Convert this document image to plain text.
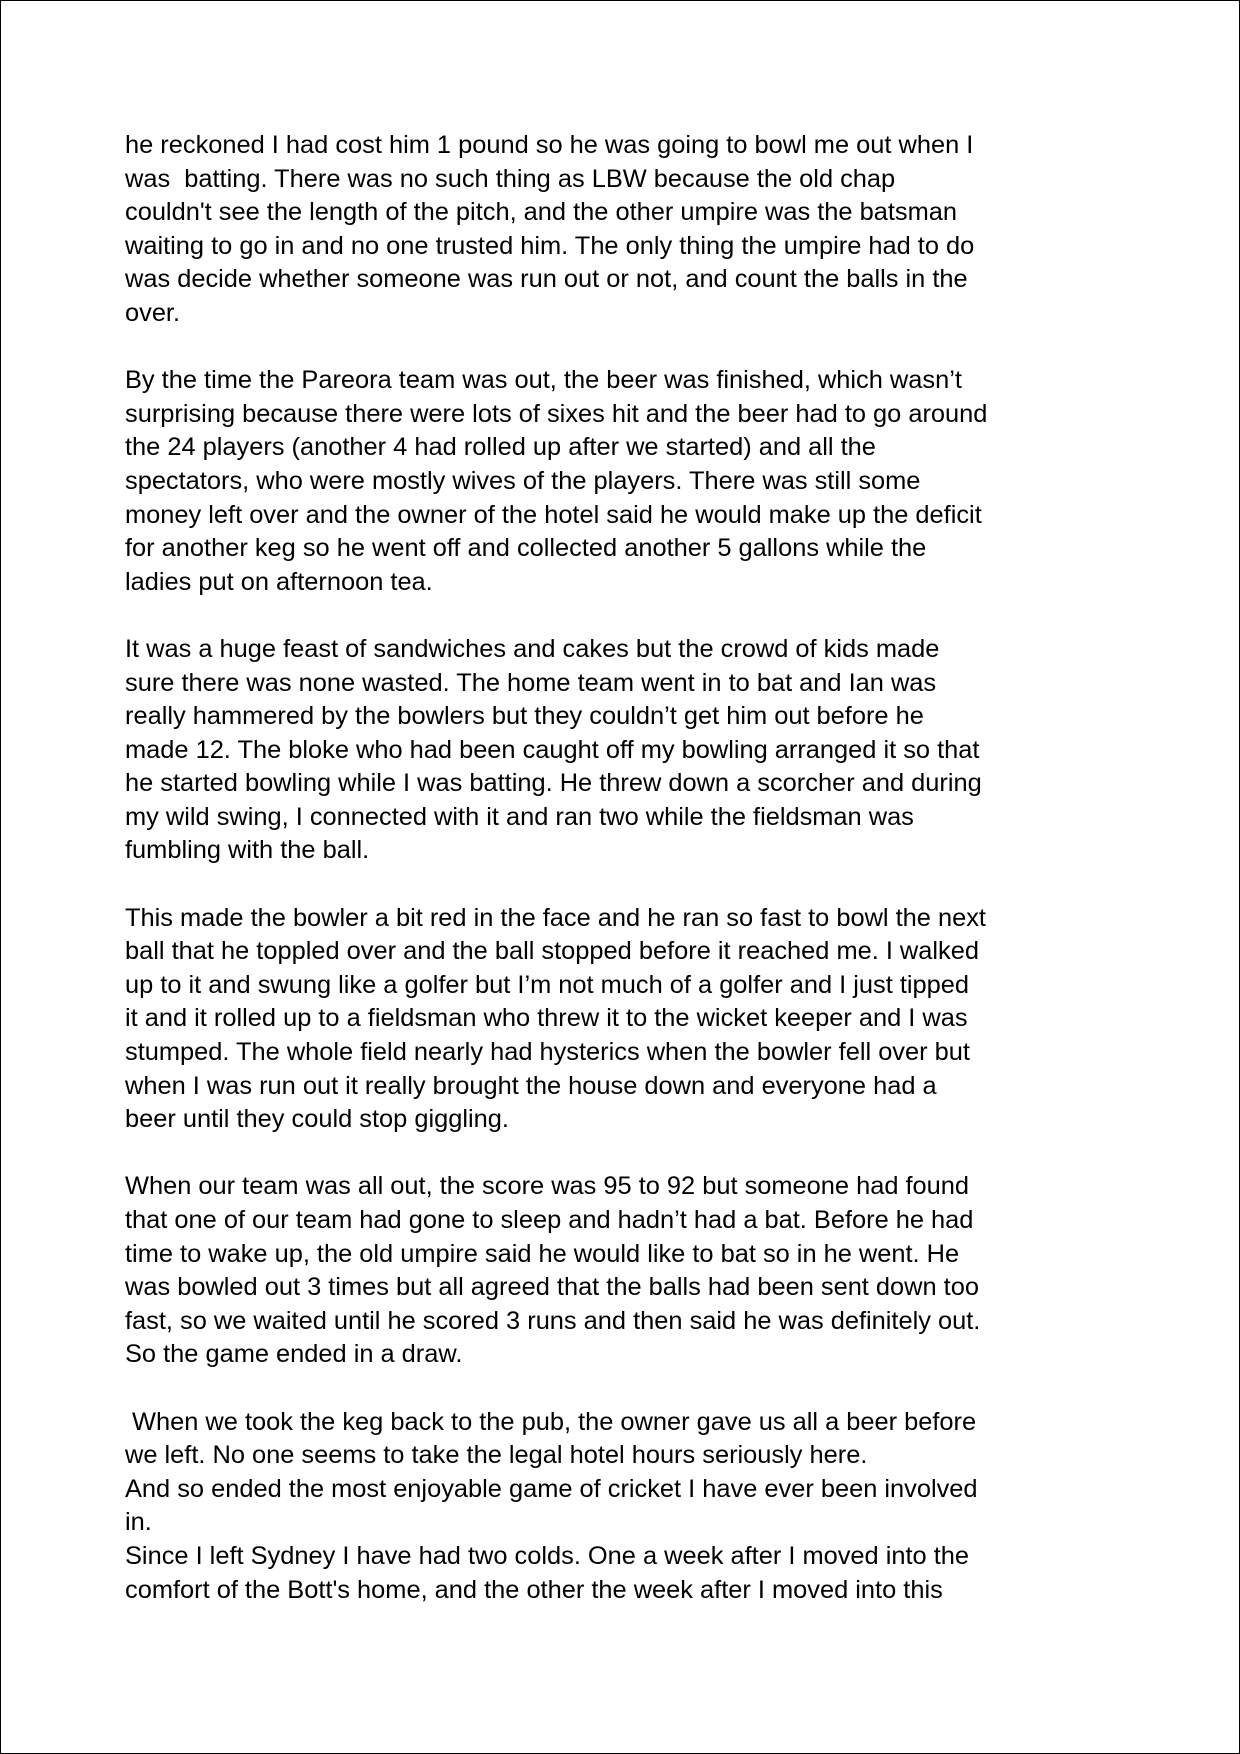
he reckoned I had cost him 1 pound so he was going to bowl me out when I
was  batting. There was no such thing as LBW because the old chap
couldn't see the length of the pitch, and the other umpire was the batsman
waiting to go in and no one trusted him. The only thing the umpire had to do
was decide whether someone was run out or not, and count the balls in the
over.

By the time the Pareora team was out, the beer was finished, which wasn’t
surprising because there were lots of sixes hit and the beer had to go around
the 24 players (another 4 had rolled up after we started) and all the
spectators, who were mostly wives of the players. There was still some
money left over and the owner of the hotel said he would make up the deficit
for another keg so he went off and collected another 5 gallons while the
ladies put on afternoon tea.

It was a huge feast of sandwiches and cakes but the crowd of kids made
sure there was none wasted. The home team went in to bat and Ian was
really hammered by the bowlers but they couldn’t get him out before he
made 12. The bloke who had been caught off my bowling arranged it so that
he started bowling while I was batting. He threw down a scorcher and during
my wild swing, I connected with it and ran two while the fieldsman was
fumbling with the ball.

This made the bowler a bit red in the face and he ran so fast to bowl the next
ball that he toppled over and the ball stopped before it reached me. I walked
up to it and swung like a golfer but I’m not much of a golfer and I just tipped
it and it rolled up to a fieldsman who threw it to the wicket keeper and I was
stumped. The whole field nearly had hysterics when the bowler fell over but
when I was run out it really brought the house down and everyone had a
beer until they could stop giggling.

When our team was all out, the score was 95 to 92 but someone had found
that one of our team had gone to sleep and hadn’t had a bat. Before he had
time to wake up, the old umpire said he would like to bat so in he went. He
was bowled out 3 times but all agreed that the balls had been sent down too
fast, so we waited until he scored 3 runs and then said he was definitely out.
So the game ended in a draw.

When we took the keg back to the pub, the owner gave us all a beer before
we left. No one seems to take the legal hotel hours seriously here.
And so ended the most enjoyable game of cricket I have ever been involved
in.
Since I left Sydney I have had two colds. One a week after I moved into the
comfort of the Bott's home, and the other the week after I moved into this
